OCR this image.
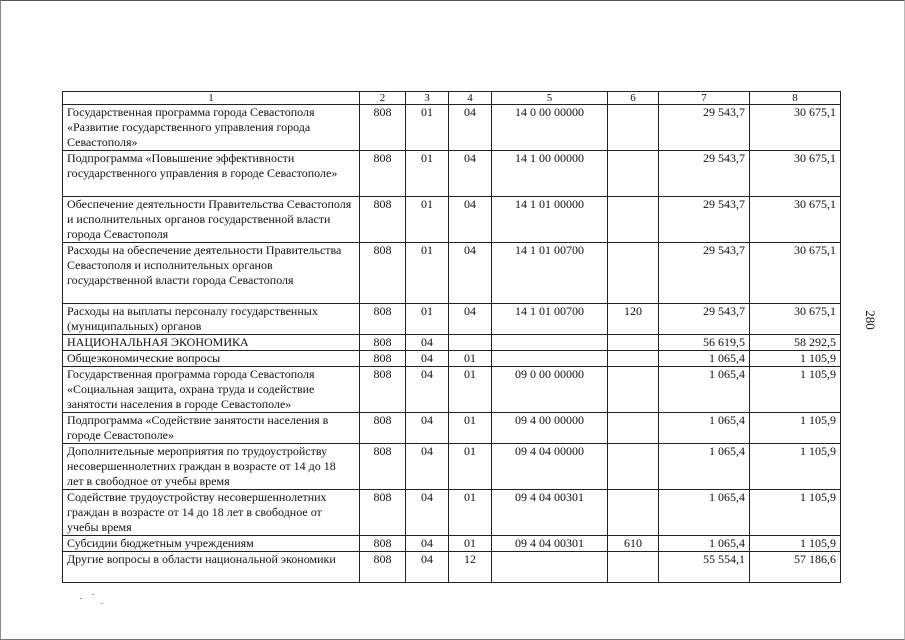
1	2	3	4	5	6	7	8
Государственная программа города Севастополя «Развитие государственного управления города Севастополя»	808	01	04	14 0 00 00000		29 543,7	30 675,1
Подпрограмма «Повышение эффективности государственного управления в городе Севастополе»	808	01	04	14 1 00 00000		29 543,7	30 675,1
Обеспечение деятельности Правительства Севастополя и исполнительных органов государственной власти города Севастополя	808	01	04	14 1 01 00000		29 543,7	30 675,1
Расходы на обеспечение деятельности Правительства Севастополя и исполнительных органов государственной власти города Севастополя	808	01	04	14 1 01 00700		29 543,7	30 675,1
Расходы на выплаты персоналу государственных (муниципальных) органов	808	01	04	14 1 01 00700	120	29 543,7	30 675,1
НАЦИОНАЛЬНАЯ ЭКОНОМИКА	808	04				56 619,5	58 292,5
Общеэкономические вопросы	808	04	01			1 065,4	1 105,9
Государственная программа города Севастополя «Социальная защита, охрана труда и содействие занятости населения в городе Севастополе»	808	04	01	09 0 00 00000		1 065,4	1 105,9
Подпрограмма «Содействие занятости населения в городе Севастополе»	808	04	01	09 4 00 00000		1 065,4	1 105,9
Дополнительные мероприятия по трудоустройству несовершеннолетних граждан в возрасте от 14 до 18 лет в свободное от учебы время	808	04	01	09 4 04 00000		1 065,4	1 105,9
Содействие трудоустройству несовершеннолетних граждан в возрасте от 14 до 18 лет в свободное от учебы время	808	04	01	09 4 04 00301		1 065,4	1 105,9
Субсидии бюджетным учреждениям	808	04	01	09 4 04 00301	610	1 065,4	1 105,9
Другие вопросы в области национальной экономики	808	04	12			55 554,1	57 186,6
280
